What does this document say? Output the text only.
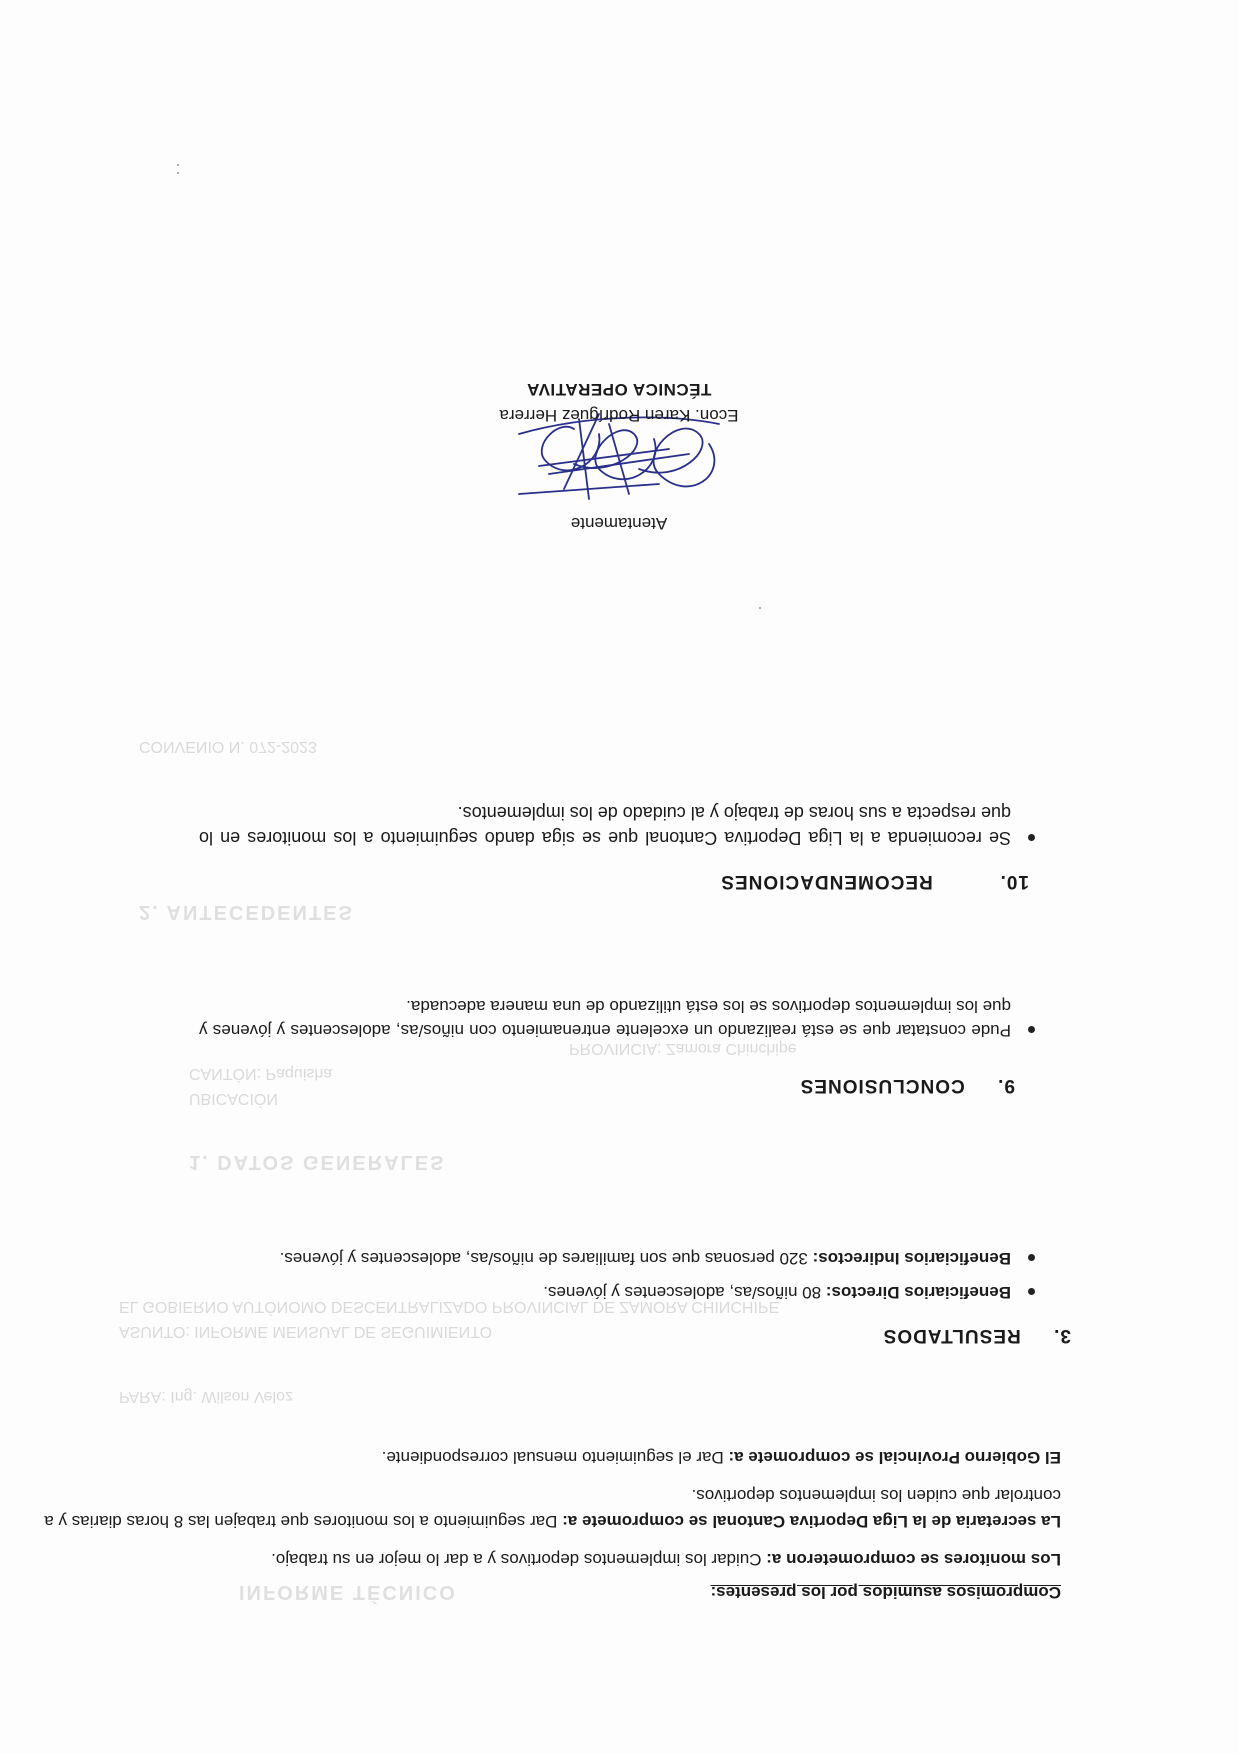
INFORME TÉCNICO
PARA: Ing. Wilson Veloz
ASUNTO: INFORME MENSUAL DE SEGUIMIENTO
EL GOBIERNO AUTÓNOMO DESCENTRALIZADO PROVINCIAL DE ZAMORA CHINCHIPE
1. DATOS GENERALES
UBICACIÓN
CANTÓN: Paquisha
PROVINCIA: Zamora Chinchipe
2. ANTECEDENTES
CONVENIO N. 072-2023
Compromisos asumidos por los presentes:
Los monitores se comprometeron a: Cuidar los implementos deportivos y a dar lo mejor en su trabajo.
La secretaria de la Liga Deportiva Cantonal se compromete a: Dar seguimiento a los monitores que trabajen las 8 horas diarias y a controlar que cuiden los implementos deportivos.
El Gobierno Provincial se compromete a: Dar el seguimiento mensual correspondiente.
3. RESULTADOS
Beneficiarios Directos: 80 niños/as, adolescentes y jóvenes.
Beneficiarios Indirectos: 320 personas que son familiares de niños/as, adolescentes y jóvenes.
9. CONCLUSIONES
Pude constatar que se está realizando un excelente entrenamiento con niños/as, adolescentes y jóvenes y que los implementos deportivos se los está utilizando de una manera adecuada.
10. RECOMENDACIONES
Se recomienda a la Liga Deportiva Cantonal que se siga dando seguimiento a los monitores en lo que respecta a sus horas de trabajo y al cuidado de los implementos.
Atentamente
Econ. Karen Rodríguez Herrera
TÉCNICA OPERATIVA
